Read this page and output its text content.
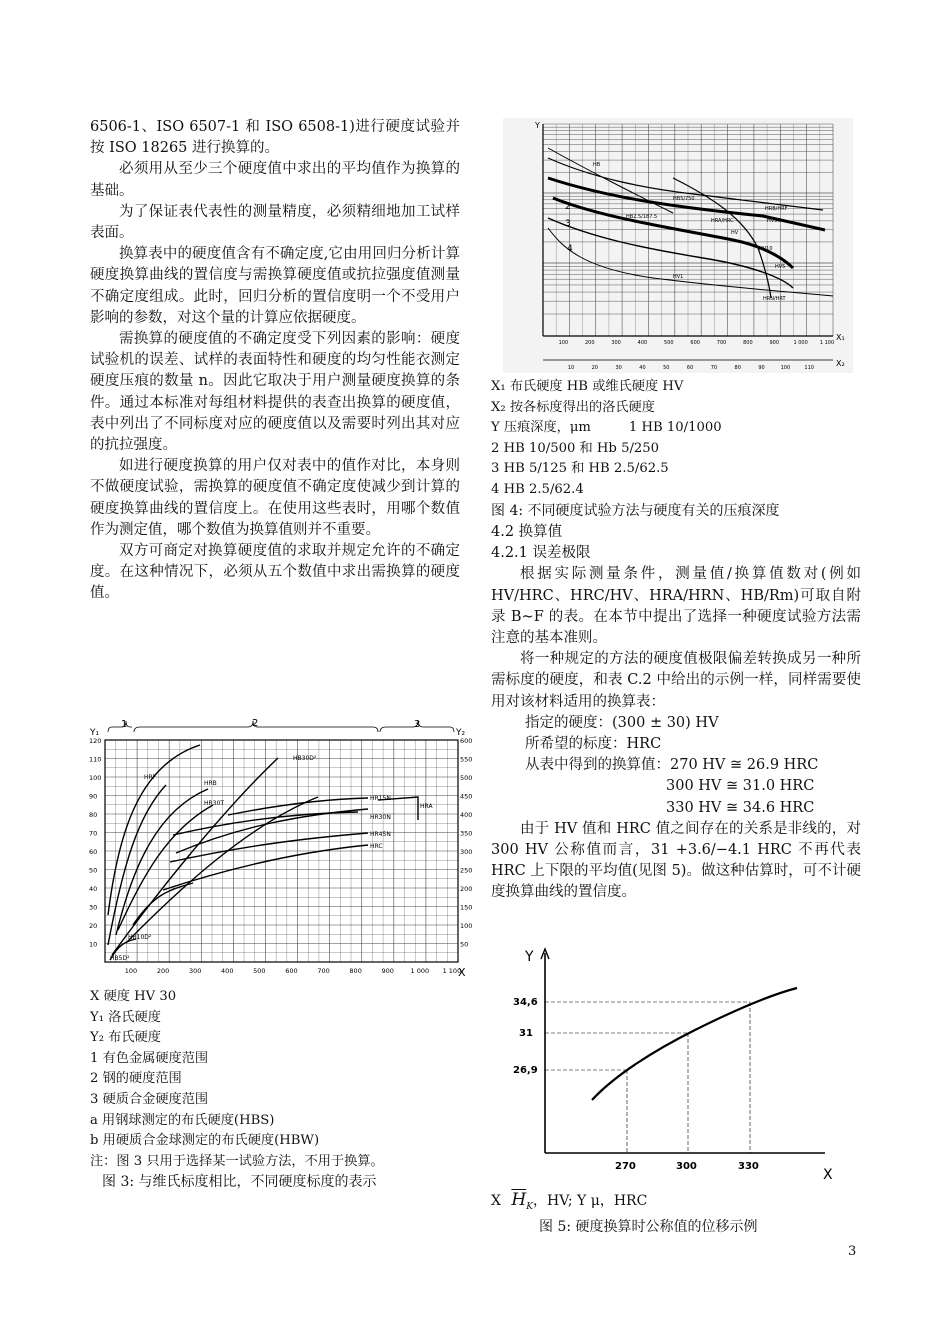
6506-1、ISO 6507-1 和 ISO 6508-1)进行硬度试验并按 ISO 18265 进行换算的。

必须用从至少三个硬度值中求出的平均值作为换算的基础。

为了保证表代表性的测量精度，必须精细地加工试样表面。

换算表中的硬度值含有不确定度,它由用回归分析计算硬度换算曲线的置信度与需换算硬度值或抗拉强度值测量不确定度组成。此时，回归分析的置信度明一个不受用户影响的参数，对这个量的计算应依据硬度。

需换算的硬度值的不确定度受下列因素的影响：硬度试验机的误差、试样的表面特性和硬度的均匀性能衣测定硬度压痕的数量 n。因此它取决于用户测量硬度换算的条件。通过本标准对每组材料提供的表查出换算的硬度值，表中列出了不同标度对应的硬度值以及需要时列出其对应的抗拉强度。

如进行硬度换算的用户仅对表中的值作对比，本身则不做硬度试验，需换算的硬度值不确定度使减少到计算的硬度换算曲线的置信度上。在使用这些表时，用哪个数值作为测定值，哪个数值为换算值则并不重要。

双方可商定对换算硬度值的求取并规定允许的不确定度。在这种情况下，必须从五个数值中求出需换算的硬度值。

1	2	3
Y₁	Y₂
X
120
110
100
90
80
70
60
50
40
30
20
10
600
550
500
450
400
350
300
250
200
150
100
50
100	200	300	400	500	600	700	800	900	1 000 1 100
HB30D²
HRF
HRB
HR30T
HR15N
HRA
HR30N
HR45N
HRC
HB10D²
HB5D²

X 硬度 HV 30

Y₁ 洛氏硬度

Y₂ 布氏硬度

1 有色金属硬度范围

2 钢的硬度范围

3 硬质合金硬度范围

a 用钢球测定的布氏硬度(HBS)

b 用硬质合金球测定的布氏硬度(HBW)

注：图 3 只用于选择某一试验方法，不用于换算。

图 3: 与维氏标度相比，不同硬度标度的表示

Y
X₁
X₂
100	200	300	400	500	600	700	800	900	1 000 1 100
10	20	30	40	50	60	70	80	90	100	110
HB
HB5/750
HB2.5/187.5
HRA/HRC
HRB/HRF
HV
HV30
HV10
HV5
HV1
HRN/HRT
2
3
4

X₁ 布氏硬度 HB 或维氏硬度 HV

X₂ 按各标度得出的洛氏硬度

Y 压痕深度，μm	1 HB 10/1000

2 HB 10/500 和 Hb 5/250

3 HB 5/125 和 HB 2.5/62.5

4 HB 2.5/62.4

图 4: 不同硬度试验方法与硬度有关的压痕深度

4.2 换算值

4.2.1 误差极限

根据实际测量条件，测量值/换算值数对(例如 HV/HRC、HRC/HV、HRA/HRN、HB/Rm)可取自附录 B~F 的表。在本节中提出了选择一种硬度试验方法需注意的基本准则。

将一种规定的方法的硬度值极限偏差转换成另一种所需标度的硬度，和表 C.2 中给出的示例一样，同样需要使用对该材料适用的换算表：

指定的硬度：(300 ± 30) HV
所希望的标度：HRC
从表中得到的换算值：270 HV ≅ 26.9 HRC
300 HV ≅ 31.0 HRC
330 HV ≅ 34.6 HRC

由于 HV 值和 HRC 值之间存在的关系是非线的，对 300 HV 公称值而言，31 +3.6/−4.1 HRC 不再代表 HRC 上下限的平均值(见图 5)。做这种估算时，可不计硬度换算曲线的置信度。

Y
X
34,6
31
26,9
270	300	330

X $\overline{H}_K$，HV; Y μ，HRC

图 5: 硬度换算时公称值的位移示例

3
